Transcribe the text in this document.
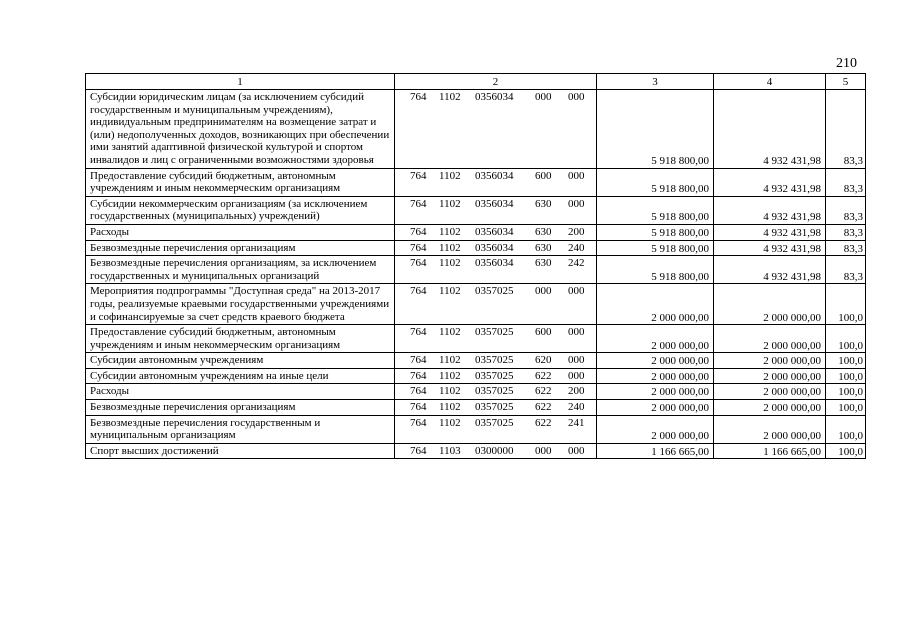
210
1	2	3	4	5
Субсидии юридическим лицам (за исключением субсидий государственным и муниципальным учреждениям), индивидуальным предпринимателям на возмещение затрат и (или) недополученных доходов, возникающих при обеспечении ими занятий адаптивной физической культурой и спортом инвалидов и лиц с ограниченными возможностями здоровья	764 1102 0356034 000 000	5 918 800,00	4 932 431,98	83,3
Предоставление субсидий бюджетным, автономным учреждениям и иным некоммерческим организациям	764 1102 0356034 600 000	5 918 800,00	4 932 431,98	83,3
Субсидии некоммерческим организациям (за исключением государственных (муниципальных) учреждений)	764 1102 0356034 630 000	5 918 800,00	4 932 431,98	83,3
Расходы	764 1102 0356034 630 200	5 918 800,00	4 932 431,98	83,3
Безвозмездные перечисления организациям	764 1102 0356034 630 240	5 918 800,00	4 932 431,98	83,3
Безвозмездные перечисления организациям, за исключением государственных и муниципальных организаций	764 1102 0356034 630 242	5 918 800,00	4 932 431,98	83,3
Мероприятия подпрограммы "Доступная среда" на 2013-2017 годы, реализуемые краевыми государственными учреждениями и софинансируемые за счет средств краевого бюджета	764 1102 0357025 000 000	2 000 000,00	2 000 000,00	100,0
Предоставление субсидий бюджетным, автономным учреждениям и иным некоммерческим организациям	764 1102 0357025 600 000	2 000 000,00	2 000 000,00	100,0
Субсидии автономным учреждениям	764 1102 0357025 620 000	2 000 000,00	2 000 000,00	100,0
Субсидии автономным учреждениям на иные цели	764 1102 0357025 622 000	2 000 000,00	2 000 000,00	100,0
Расходы	764 1102 0357025 622 200	2 000 000,00	2 000 000,00	100,0
Безвозмездные перечисления организациям	764 1102 0357025 622 240	2 000 000,00	2 000 000,00	100,0
Безвозмездные перечисления государственным и муниципальным организациям	764 1102 0357025 622 241	2 000 000,00	2 000 000,00	100,0
Спорт высших достижений	764 1103 0300000 000 000	1 166 665,00	1 166 665,00	100,0
